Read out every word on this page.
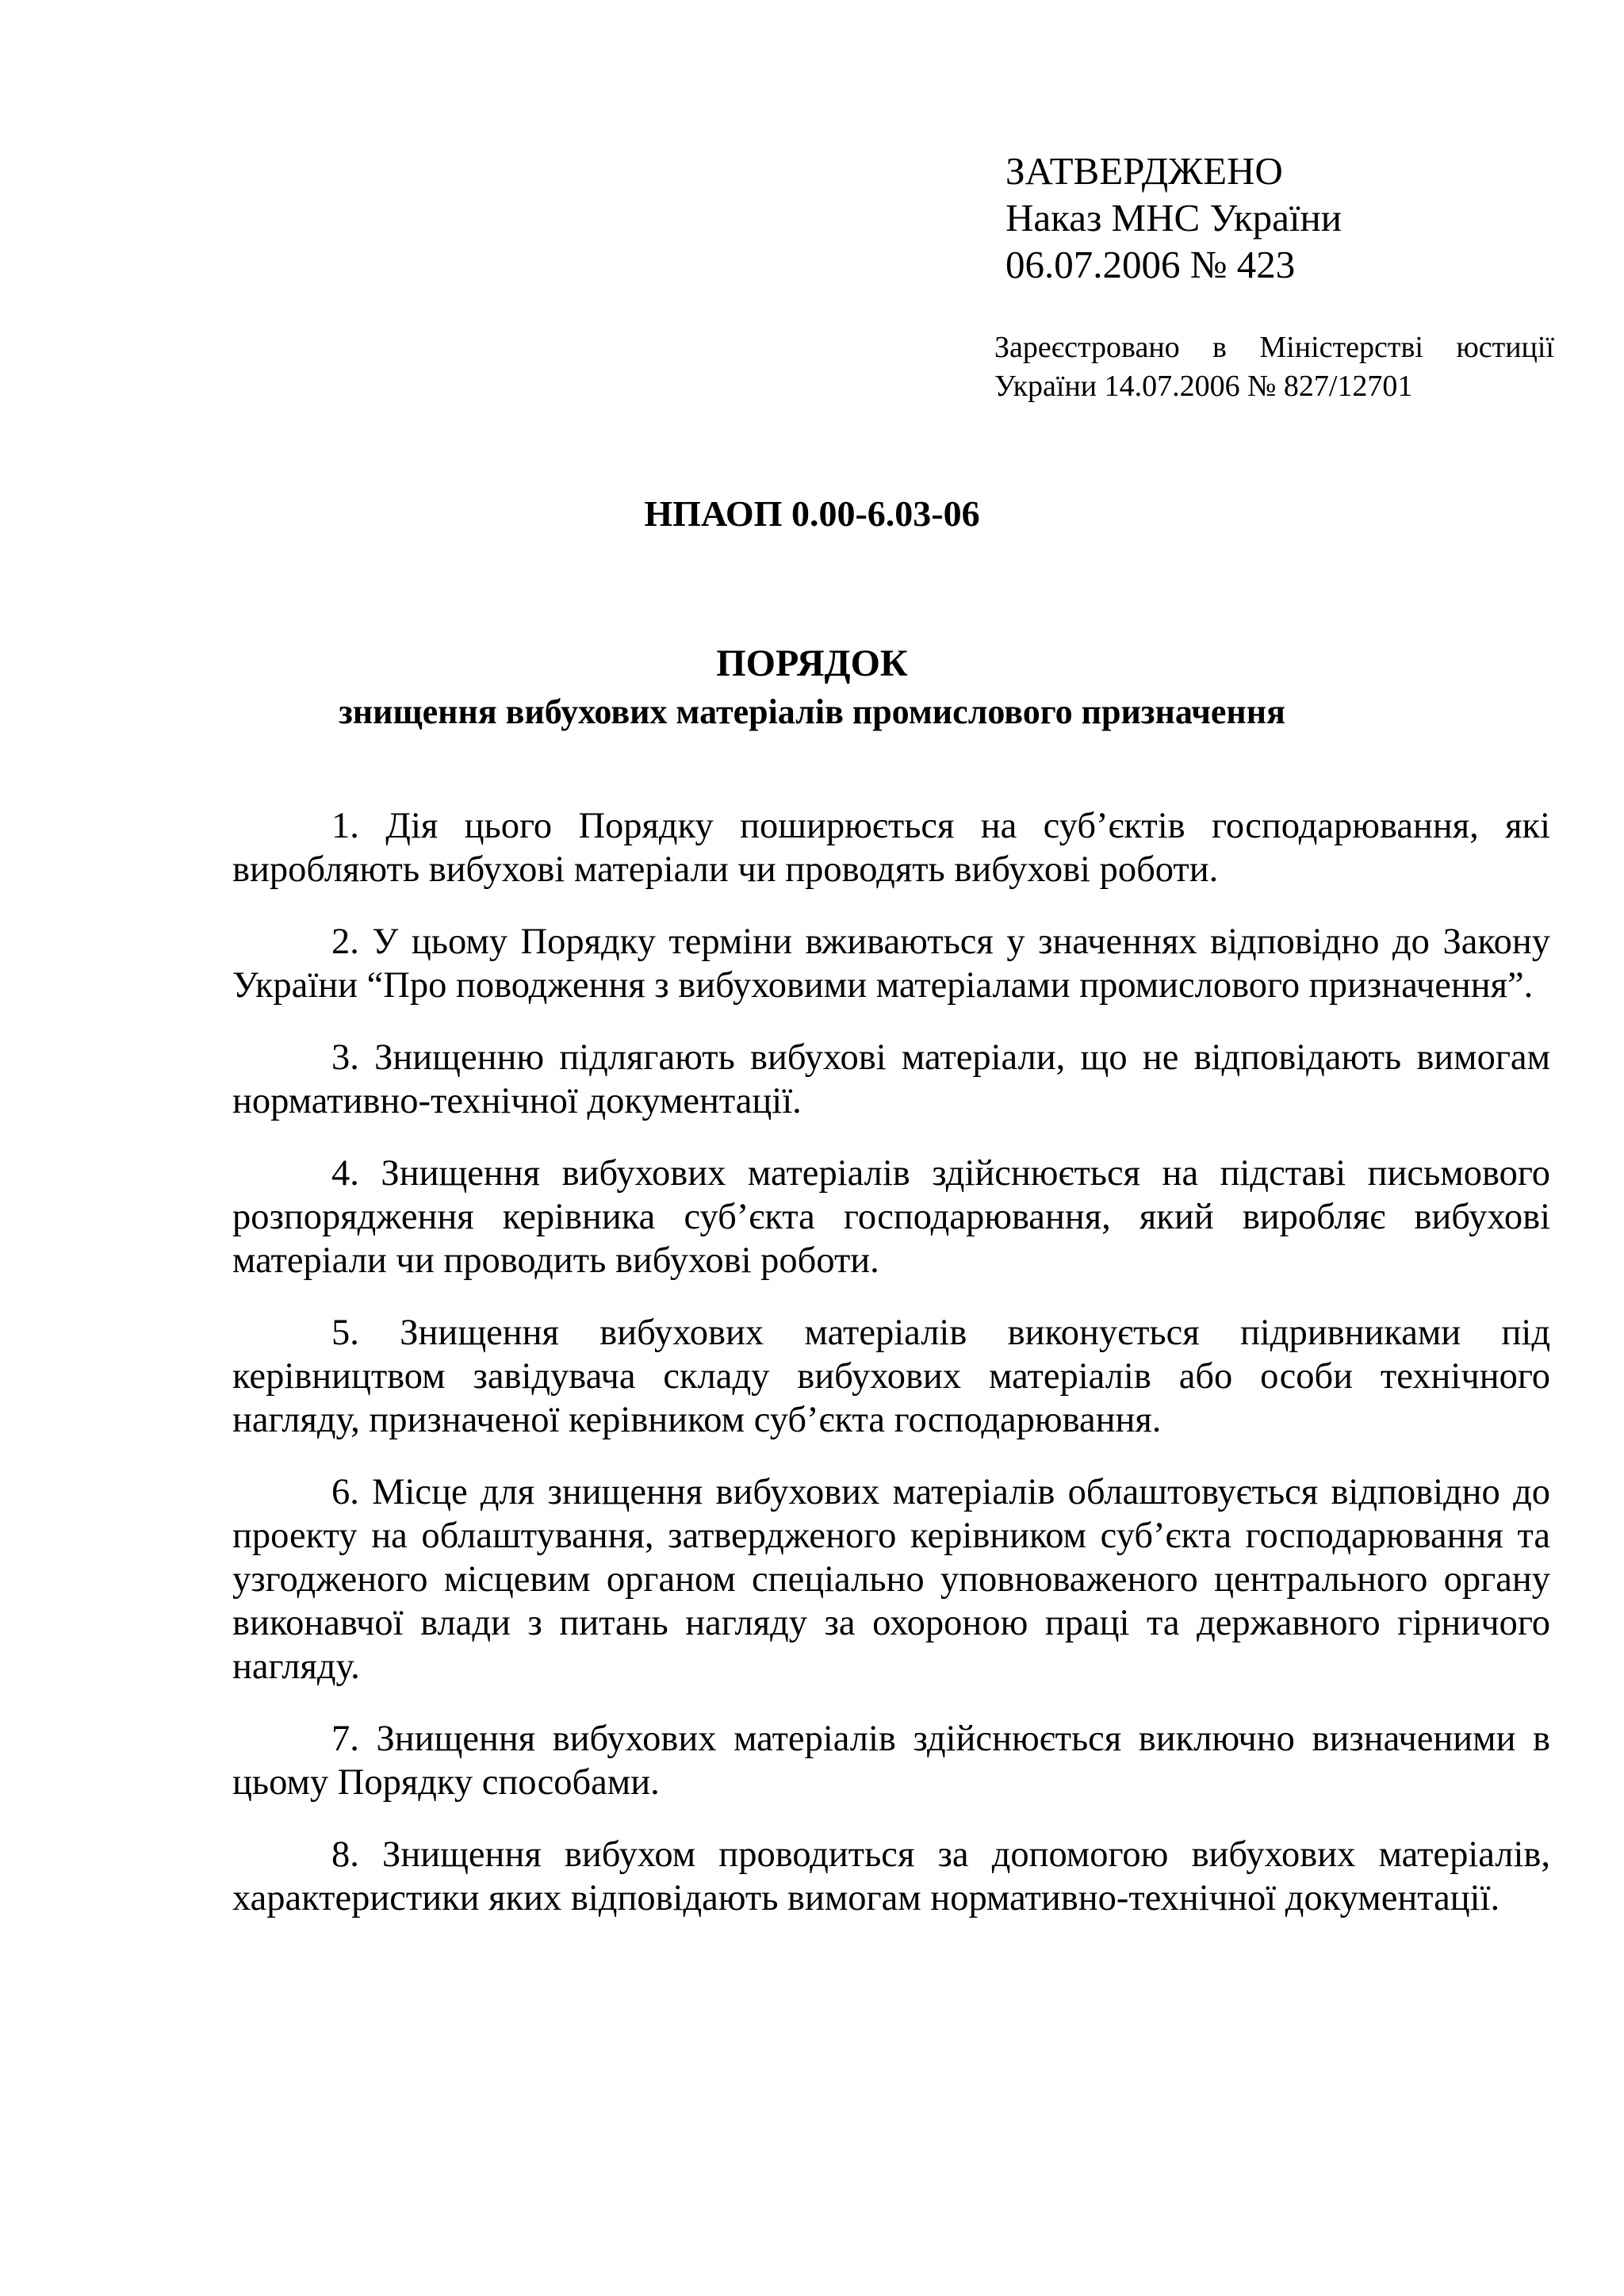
ЗАТВЕРДЖЕНО
Наказ МНС України
06.07.2006 № 423
Зареєстровано в Міністерстві юстиції України 14.07.2006 № 827/12701
НПАОП 0.00-6.03-06
ПОРЯДОК
знищення вибухових матеріалів промислового призначення

1. Дія цього Порядку поширюється на суб’єктів господарювання, які виробляють вибухові матеріали чи проводять вибухові роботи.

2. У цьому Порядку терміни вживаються у значеннях відповідно до Закону України “Про поводження з вибуховими матеріалами промислового призначення”.

3. Знищенню підлягають вибухові матеріали, що не відповідають вимогам нормативно-технічної документації.

4. Знищення вибухових матеріалів здійснюється на підставі письмового розпорядження керівника суб’єкта господарювання, який виробляє вибухові матеріали чи проводить вибухові роботи.

5. Знищення вибухових матеріалів виконується підривниками під керівництвом завідувача складу вибухових матеріалів або особи технічного нагляду, призначеної керівником суб’єкта господарювання.

6. Місце для знищення вибухових матеріалів облаштовується відповідно до проекту на облаштування, затвердженого керівником суб’єкта господарювання та узгодженого місцевим органом спеціально уповноваженого центрального органу виконавчої влади з питань нагляду за охороною праці та державного гірничого нагляду.

7. Знищення вибухових матеріалів здійснюється виключно визначеними в цьому Порядку способами.

8. Знищення вибухом проводиться за допомогою вибухових матеріалів, характеристики яких відповідають вимогам нормативно-технічної документації.
